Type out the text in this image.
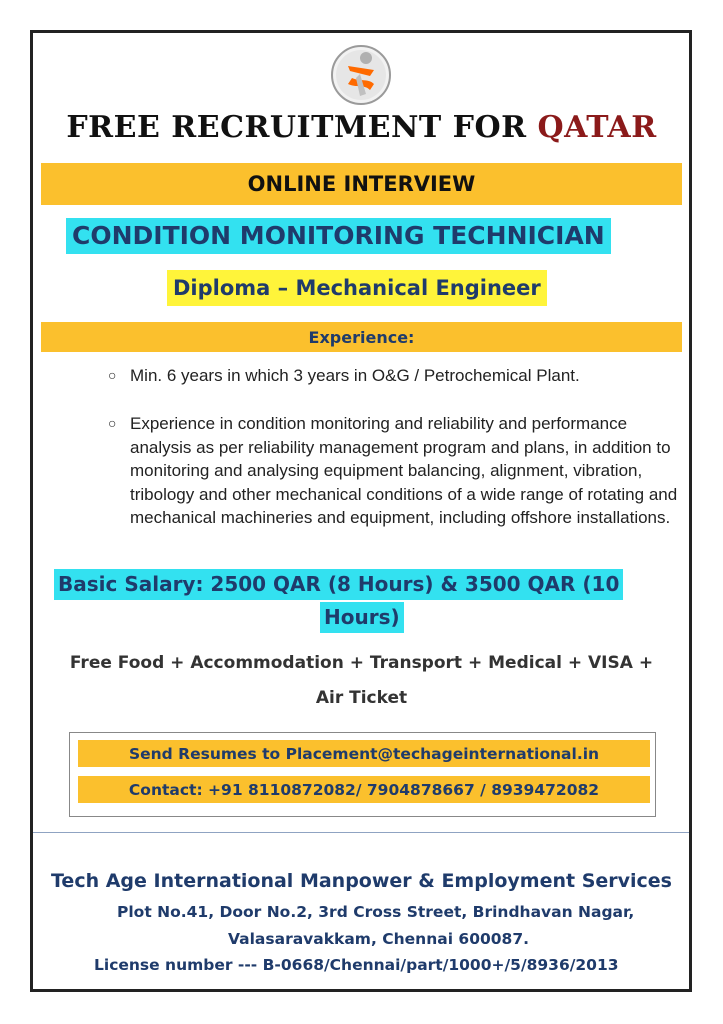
FREE RECRUITMENT FOR QATAR
ONLINE INTERVIEW
CONDITION MONITORING TECHNICIAN
Diploma – Mechanical Engineer
Experience:
○ Min. 6 years in which 3 years in O&G / Petrochemical Plant.
○ Experience in condition monitoring and reliability and performance analysis as per reliability management program and plans, in addition to monitoring and analysing equipment balancing, alignment, vibration, tribology and other mechanical conditions of a wide range of rotating and mechanical machineries and equipment, including offshore installations.
Basic Salary: 2500 QAR (8 Hours) & 3500 QAR (10
Hours)
Free Food + Accommodation + Transport + Medical + VISA +
Air Ticket
Send Resumes to Placement@techageinternational.in
Contact: +91 8110872082/ 7904878667 / 8939472082
Tech Age International Manpower & Employment Services
Plot No.41, Door No.2, 3rd Cross Street, Brindhavan Nagar,
Valasaravakkam, Chennai 600087.
License number --- B-0668/Chennai/part/1000+/5/8936/2013
